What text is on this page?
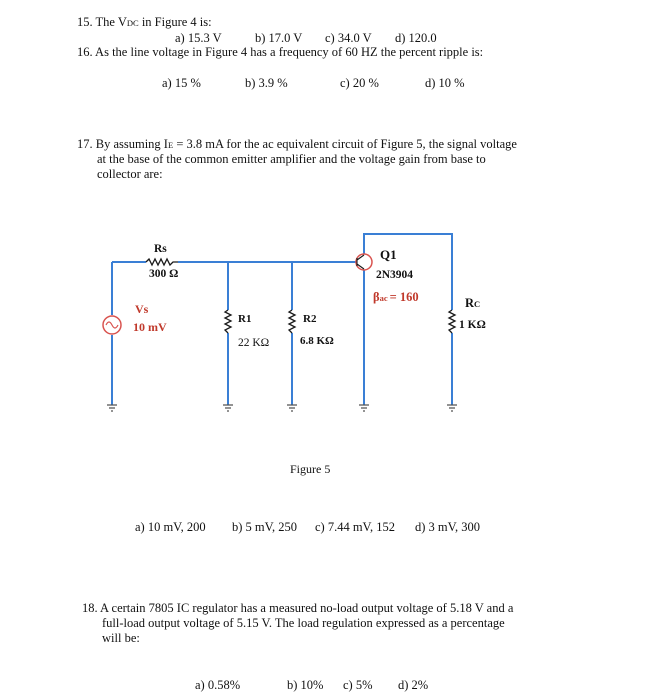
15. The VDC in Figure 4 is:
a) 15.3 V	b) 17.0 V c) 34.0 V d) 120.0
16. As the line voltage in Figure 4 has a frequency of 60 HZ the percent ripple is:
a) 15 %	b) 3.9 %	c) 20 %	d) 10 %
17. By assuming IE = 3.8 mA for the ac equivalent circuit of Figure 5, the signal voltage
at the base of the common emitter amplifier and the voltage gain from base to
collector are:
Rs
300 Ω
Vs
10 mV
R1
22 KΩ
R2
6.8 KΩ
Q1
2N3904
βac = 160	RC
1 KΩ
Figure 5
a) 10 mV, 200 b) 5 mV, 250 c) 7.44 mV, 152 d) 3 mV, 300
18. A certain 7805 IC regulator has a measured no-load output voltage of 5.18 V and a
full-load output voltage of 5.15 V. The load regulation expressed as a percentage
will be:
a) 0.58%	b) 10% c) 5% d) 2%
